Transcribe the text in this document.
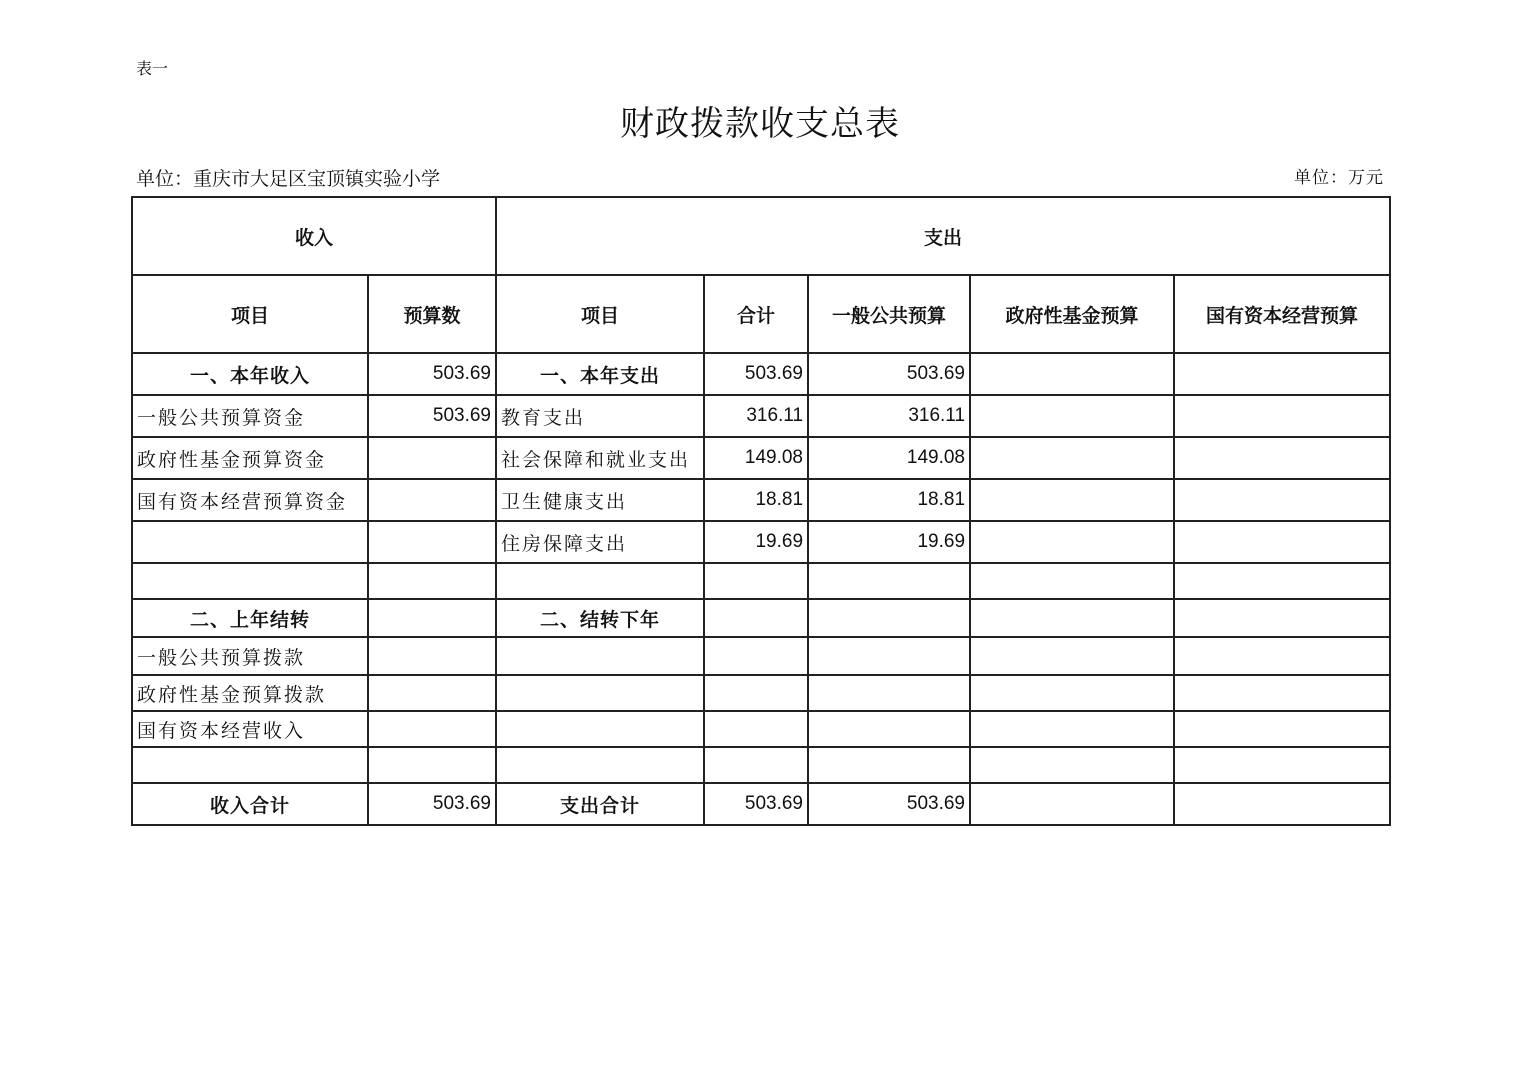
表一
财政拨款收支总表
单位：重庆市大足区宝顶镇实验小学	单位：万元
收入		支出				
项目	预算数	项目	合计	一般公共预算	政府性基金预算	国有资本经营预算
一、本年收入	503.69	一、本年支出	503.69	503.69		
一般公共预算资金	503.69	教育支出	316.11	316.11		
政府性基金预算资金		社会保障和就业支出	149.08	149.08		
国有资本经营预算资金		卫生健康支出	18.81	18.81		
		住房保障支出	19.69	19.69		

二、上年结转		二、结转下年				
一般公共预算拨款						
政府性基金预算拨款						
国有资本经营收入						

收入合计	503.69	支出合计	503.69	503.69		
